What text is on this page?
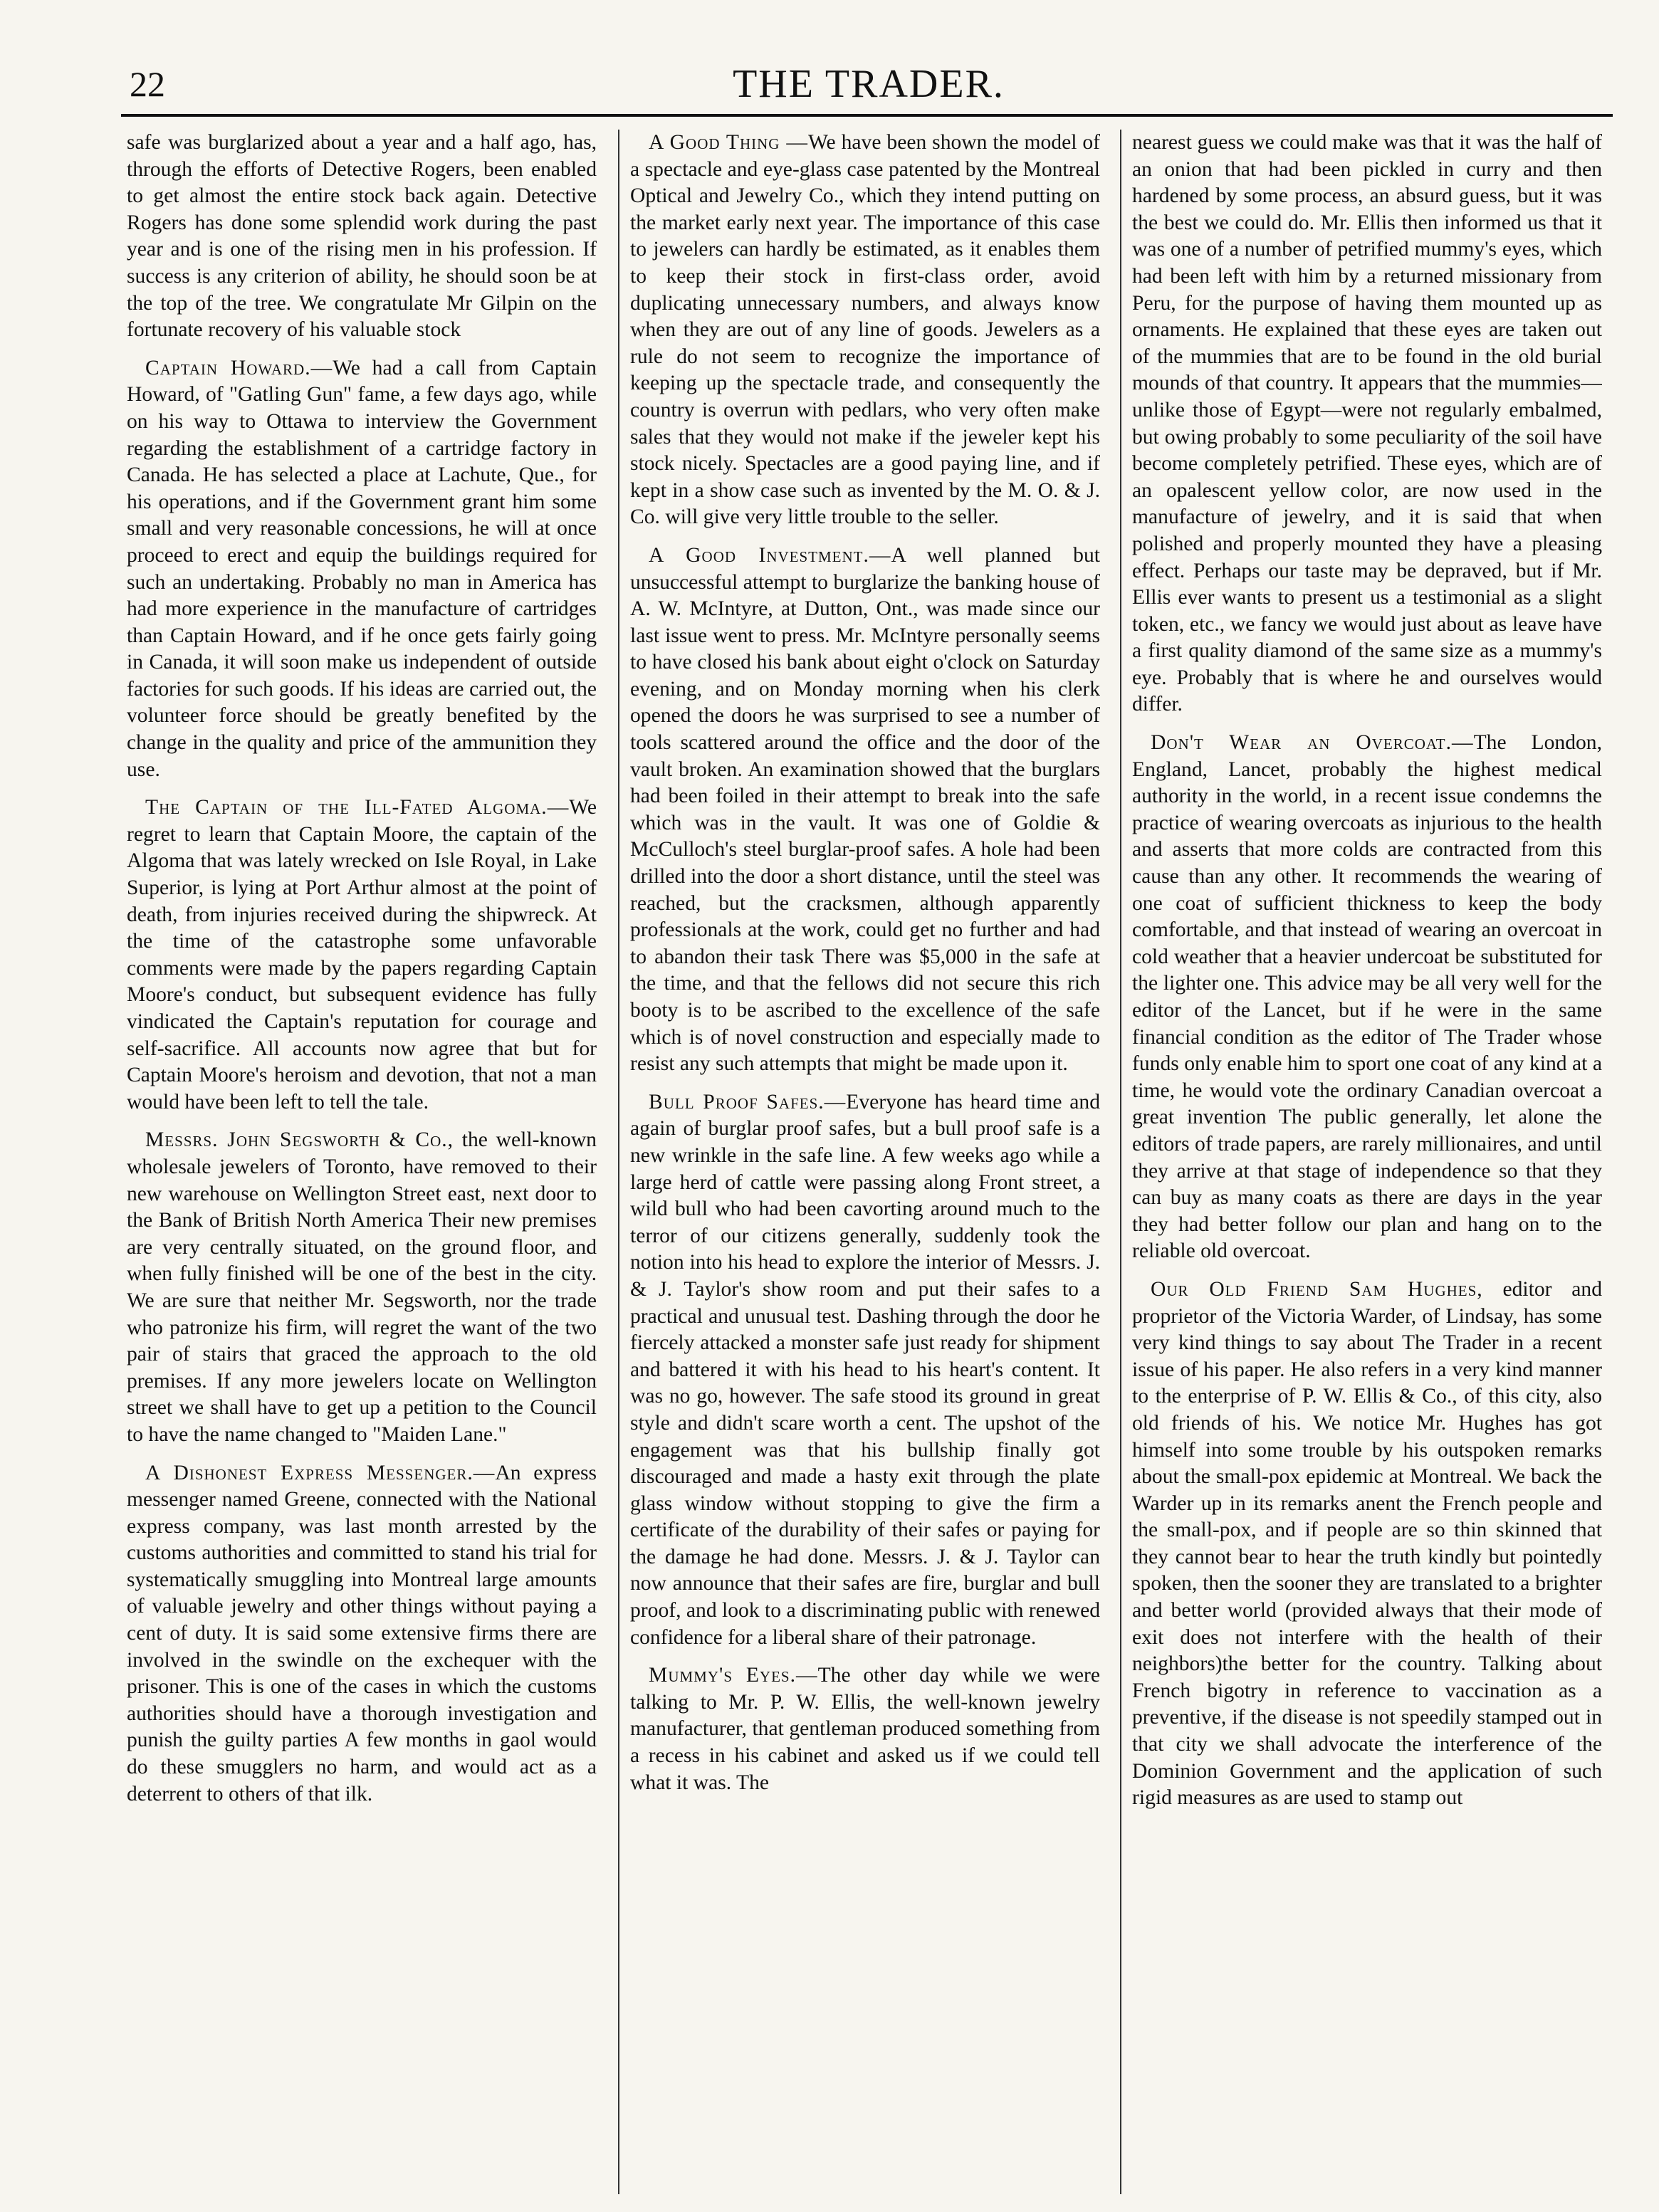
22	THE TRADER.

safe was burglarized about a year and a half ago, has, through the efforts of Detective Rogers, been enabled to get almost the entire stock back again. Detective Rogers has done some splendid work during the past year and is one of the rising men in his profession. If success is any criterion of ability, he should soon be at the top of the tree. We congratulate Mr Gilpin on the fortunate recovery of his valuable stock

Captain Howard.—We had a call from Captain Howard, of "Gatling Gun" fame, a few days ago, while on his way to Ottawa to interview the Government regarding the establishment of a cartridge factory in Canada. He has selected a place at Lachute, Que., for his operations, and if the Government grant him some small and very reasonable concessions, he will at once proceed to erect and equip the buildings required for such an undertaking. Probably no man in America has had more experience in the manufacture of cartridges than Captain Howard, and if he once gets fairly going in Canada, it will soon make us independent of outside factories for such goods. If his ideas are carried out, the volunteer force should be greatly benefited by the change in the quality and price of the ammunition they use.

The Captain of the Ill-Fated Algoma.—We regret to learn that Captain Moore, the captain of the Algoma that was lately wrecked on Isle Royal, in Lake Superior, is lying at Port Arthur almost at the point of death, from injuries received during the shipwreck. At the time of the catastrophe some unfavorable comments were made by the papers regarding Captain Moore's conduct, but subsequent evidence has fully vindicated the Captain's reputation for courage and self-sacrifice. All accounts now agree that but for Captain Moore's heroism and devotion, that not a man would have been left to tell the tale.

Messrs. John Segsworth & Co., the well-known wholesale jewelers of Toronto, have removed to their new warehouse on Wellington Street east, next door to the Bank of British North America Their new premises are very centrally situated, on the ground floor, and when fully finished will be one of the best in the city. We are sure that neither Mr. Segsworth, nor the trade who patronize his firm, will regret the want of the two pair of stairs that graced the approach to the old premises. If any more jewelers locate on Wellington street we shall have to get up a petition to the Council to have the name changed to "Maiden Lane."

A Dishonest Express Messenger.—An express messenger named Greene, connected with the National express company, was last month arrested by the customs authorities and committed to stand his trial for systematically smuggling into Montreal large amounts of valuable jewelry and other things without paying a cent of duty. It is said some extensive firms there are involved in the swindle on the exchequer with the prisoner. This is one of the cases in which the customs authorities should have a thorough investigation and punish the guilty parties A few months in gaol would do these smugglers no harm, and would act as a deterrent to others of that ilk.

A Good Thing —We have been shown the model of a spectacle and eye-glass case patented by the Montreal Optical and Jewelry Co., which they intend putting on the market early next year. The importance of this case to jewelers can hardly be estimated, as it enables them to keep their stock in first-class order, avoid duplicating unnecessary numbers, and always know when they are out of any line of goods. Jewelers as a rule do not seem to recognize the importance of keeping up the spectacle trade, and consequently the country is overrun with pedlars, who very often make sales that they would not make if the jeweler kept his stock nicely. Spectacles are a good paying line, and if kept in a show case such as invented by the M. O. & J. Co. will give very little trouble to the seller.

A Good Investment.—A well planned but unsuccessful attempt to burglarize the banking house of A. W. McIntyre, at Dutton, Ont., was made since our last issue went to press. Mr. McIntyre personally seems to have closed his bank about eight o'clock on Saturday evening, and on Monday morning when his clerk opened the doors he was surprised to see a number of tools scattered around the office and the door of the vault broken. An examination showed that the burglars had been foiled in their attempt to break into the safe which was in the vault. It was one of Goldie & McCulloch's steel burglar-proof safes. A hole had been drilled into the door a short distance, until the steel was reached, but the cracksmen, although apparently professionals at the work, could get no further and had to abandon their task There was $5,000 in the safe at the time, and that the fellows did not secure this rich booty is to be ascribed to the excellence of the safe which is of novel construction and especially made to resist any such attempts that might be made upon it.

Bull Proof Safes.—Everyone has heard time and again of burglar proof safes, but a bull proof safe is a new wrinkle in the safe line. A few weeks ago while a large herd of cattle were passing along Front street, a wild bull who had been cavorting around much to the terror of our citizens generally, suddenly took the notion into his head to explore the interior of Messrs. J. & J. Taylor's show room and put their safes to a practical and unusual test. Dashing through the door he fiercely attacked a monster safe just ready for shipment and battered it with his head to his heart's content. It was no go, however. The safe stood its ground in great style and didn't scare worth a cent. The upshot of the engagement was that his bullship finally got discouraged and made a hasty exit through the plate glass window without stopping to give the firm a certificate of the durability of their safes or paying for the damage he had done. Messrs. J. & J. Taylor can now announce that their safes are fire, burglar and bull proof, and look to a discriminating public with renewed confidence for a liberal share of their patronage.

Mummy's Eyes.—The other day while we were talking to Mr. P. W. Ellis, the well-known jewelry manufacturer, that gentleman produced something from a recess in his cabinet and asked us if we could tell what it was. The

nearest guess we could make was that it was the half of an onion that had been pickled in curry and then hardened by some process, an absurd guess, but it was the best we could do. Mr. Ellis then informed us that it was one of a number of petrified mummy's eyes, which had been left with him by a returned missionary from Peru, for the purpose of having them mounted up as ornaments. He explained that these eyes are taken out of the mummies that are to be found in the old burial mounds of that country. It appears that the mummies—unlike those of Egypt—were not regularly embalmed, but owing probably to some peculiarity of the soil have become completely petrified. These eyes, which are of an opalescent yellow color, are now used in the manufacture of jewelry, and it is said that when polished and properly mounted they have a pleasing effect. Perhaps our taste may be depraved, but if Mr. Ellis ever wants to present us a testimonial as a slight token, etc., we fancy we would just about as leave have a first quality diamond of the same size as a mummy's eye. Probably that is where he and ourselves would differ.

Don't Wear an Overcoat.—The London, England, Lancet, probably the highest medical authority in the world, in a recent issue condemns the practice of wearing overcoats as injurious to the health and asserts that more colds are contracted from this cause than any other. It recommends the wearing of one coat of sufficient thickness to keep the body comfortable, and that instead of wearing an overcoat in cold weather that a heavier undercoat be substituted for the lighter one. This advice may be all very well for the editor of the Lancet, but if he were in the same financial condition as the editor of The Trader whose funds only enable him to sport one coat of any kind at a time, he would vote the ordinary Canadian overcoat a great invention The public generally, let alone the editors of trade papers, are rarely millionaires, and until they arrive at that stage of independence so that they can buy as many coats as there are days in the year they had better follow our plan and hang on to the reliable old overcoat.

Our Old Friend Sam Hughes, editor and proprietor of the Victoria Warder, of Lindsay, has some very kind things to say about The Trader in a recent issue of his paper. He also refers in a very kind manner to the enterprise of P. W. Ellis & Co., of this city, also old friends of his. We notice Mr. Hughes has got himself into some trouble by his outspoken remarks about the small-pox epidemic at Montreal. We back the Warder up in its remarks anent the French people and the small-pox, and if people are so thin skinned that they cannot bear to hear the truth kindly but pointedly spoken, then the sooner they are translated to a brighter and better world (provided always that their mode of exit does not interfere with the health of their neighbors)the better for the country. Talking about French bigotry in reference to vaccination as a preventive, if the disease is not speedily stamped out in that city we shall advocate the interference of the Dominion Government and the application of such rigid measures as are used to stamp out
